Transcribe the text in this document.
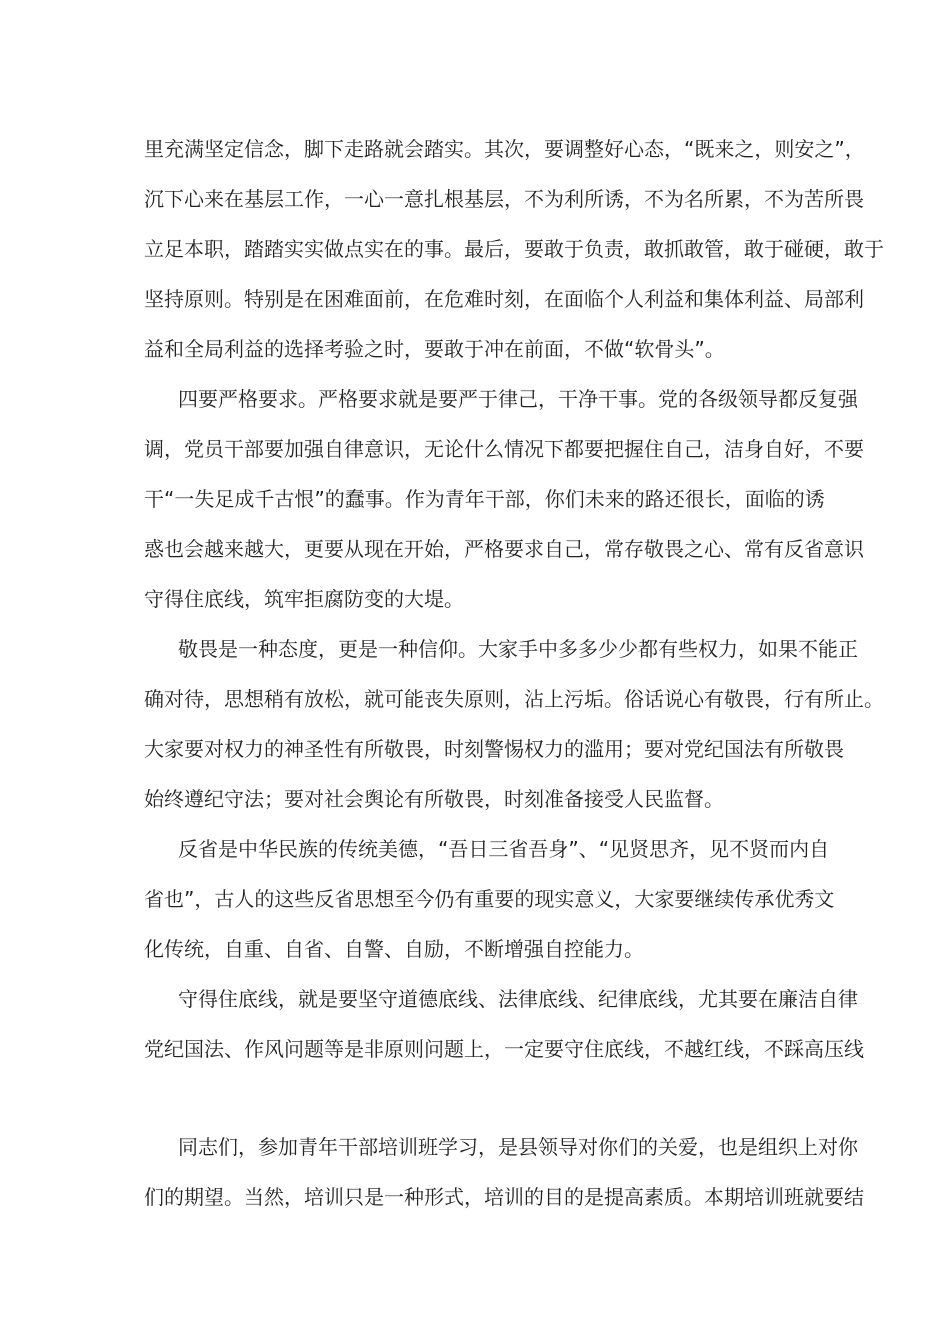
里充满坚定信念，脚下走路就会踏实。其次，要调整好心态，“既来之，则安之”，

沉下心来在基层工作，一心一意扎根基层，不为利所诱，不为名所累，不为苦所畏

立足本职，踏踏实实做点实在的事。最后，要敢于负责，敢抓敢管，敢于碰硬，敢于

坚持原则。特别是在困难面前，在危难时刻，在面临个人利益和集体利益、局部利

益和全局利益的选择考验之时，要敢于冲在前面，不做“软骨头”。

四要严格要求。严格要求就是要严于律己，干净干事。党的各级领导都反复强

调，党员干部要加强自律意识，无论什么情况下都要把握住自己，洁身自好，不要

干“一失足成千古恨”的蠢事。作为青年干部，你们未来的路还很长，面临的诱

惑也会越来越大，更要从现在开始，严格要求自己，常存敬畏之心、常有反省意识

守得住底线，筑牢拒腐防变的大堤。

敬畏是一种态度，更是一种信仰。大家手中多多少少都有些权力，如果不能正

确对待，思想稍有放松，就可能丧失原则，沾上污垢。俗话说心有敬畏，行有所止。

大家要对权力的神圣性有所敬畏，时刻警惕权力的滥用；要对党纪国法有所敬畏

始终遵纪守法；要对社会舆论有所敬畏，时刻准备接受人民监督。

反省是中华民族的传统美德，“吾日三省吾身”、“见贤思齐，见不贤而内自

省也”，古人的这些反省思想至今仍有重要的现实意义，大家要继续传承优秀文

化传统，自重、自省、自警、自励，不断增强自控能力。

守得住底线，就是要坚守道德底线、法律底线、纪律底线，尤其要在廉洁自律

党纪国法、作风问题等是非原则问题上，一定要守住底线，不越红线，不踩高压线

同志们，参加青年干部培训班学习，是县领导对你们的关爱，也是组织上对你

们的期望。当然，培训只是一种形式，培训的目的是提高素质。本期培训班就要结
